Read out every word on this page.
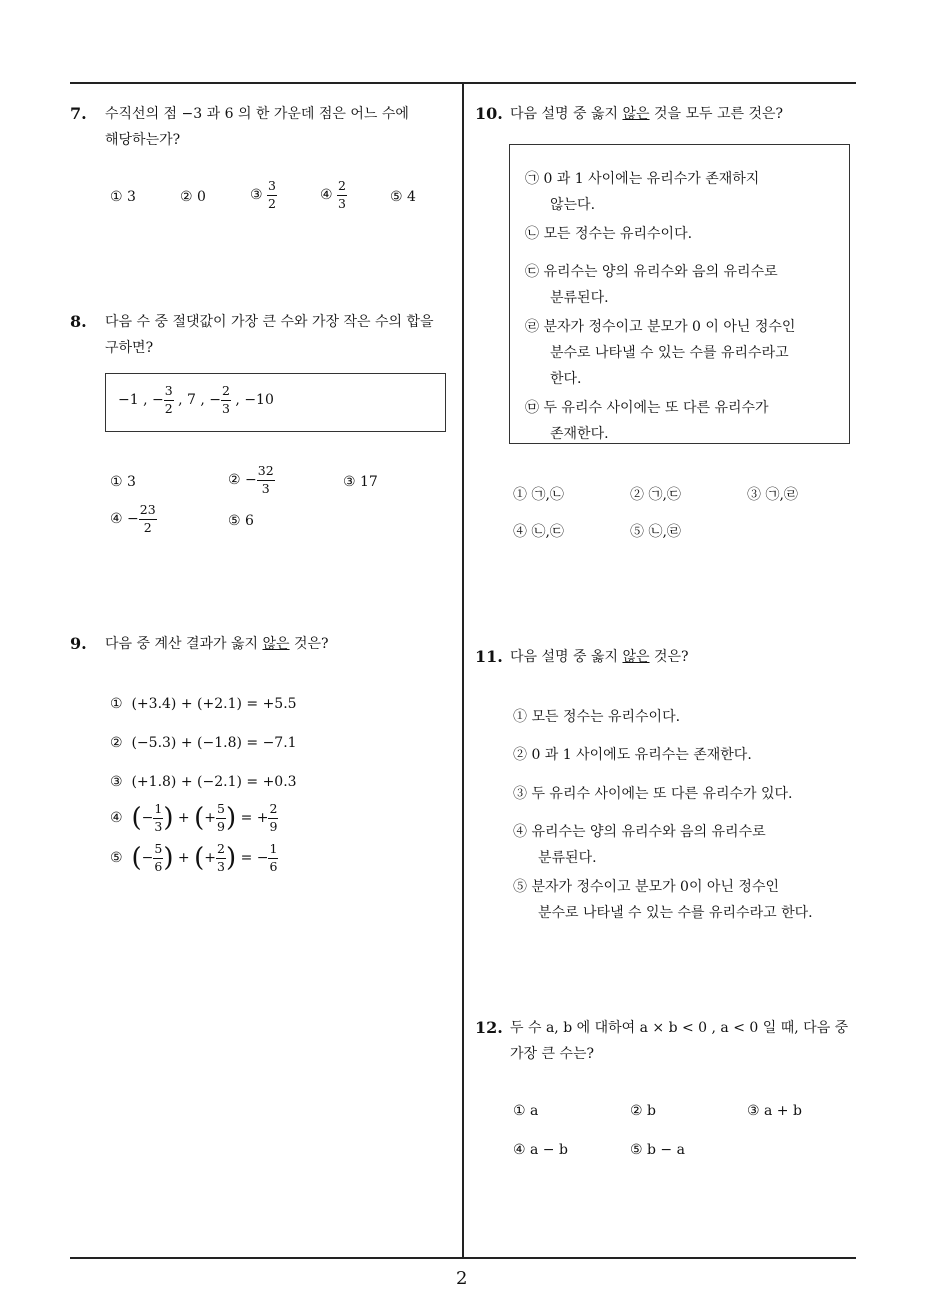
7. 수직선의 점 −3 과 6 의 한 가운데 점은 어느 수에
해당하는가?
① 3	② 0	③ $\frac{3}{2}$	④ $\frac{2}{3}$	⑤ 4
8. 다음 수 중 절댓값이 가장 큰 수와 가장 작은 수의 합을
구하면?
−1 , − $\frac{3}{2}$ , 7 , − $\frac{2}{3}$ , −10
① 3	② − $\frac{32}{3}$	③ 17
④ − $\frac{23}{2}$	⑤ 6
9. 다음 중 계산 결과가 옳지 않은 것은?
① (+3.4) + (+2.1) = +5.5
② (−5.3) + (−1.8) = −7.1
③ (+1.8) + (−2.1) = +0.3
④ (− $\frac{1}{3}$ ) + (+ $\frac{5}{9}$ ) = + $\frac{2}{9}$
⑤ (− $\frac{5}{6}$ ) + (+ $\frac{2}{3}$ ) = − $\frac{1}{6}$
10. 다음 설명 중 옳지 않은 것을 모두 고른 것은?
㉠ 0 과 1 사이에는 유리수가 존재하지
않는다.
㉡ 모든 정수는 유리수이다.
㉢ 유리수는 양의 유리수와 음의 유리수로
분류된다.
㉣ 분자가 정수이고 분모가 0 이 아닌 정수인
분수로 나타낼 수 있는 수를 유리수라고
한다.
㉤ 두 유리수 사이에는 또 다른 유리수가
존재한다.
① ㉠,㉡	② ㉠,㉢	③ ㉠,㉣
④ ㉡,㉢	⑤ ㉡,㉣
11. 다음 설명 중 옳지 않은 것은?
① 모든 정수는 유리수이다.
② 0 과 1 사이에도 유리수는 존재한다.
③ 두 유리수 사이에는 또 다른 유리수가 있다.
④ 유리수는 양의 유리수와 음의 유리수로
분류된다.
⑤ 분자가 정수이고 분모가 0이 아닌 정수인
분수로 나타낼 수 있는 수를 유리수라고 한다.
12. 두 수 a, b 에 대하여 a × b < 0 , a < 0 일 때, 다음 중
가장 큰 수는?
① a	② b	③ a + b
④ a − b	⑤ b − a
2
